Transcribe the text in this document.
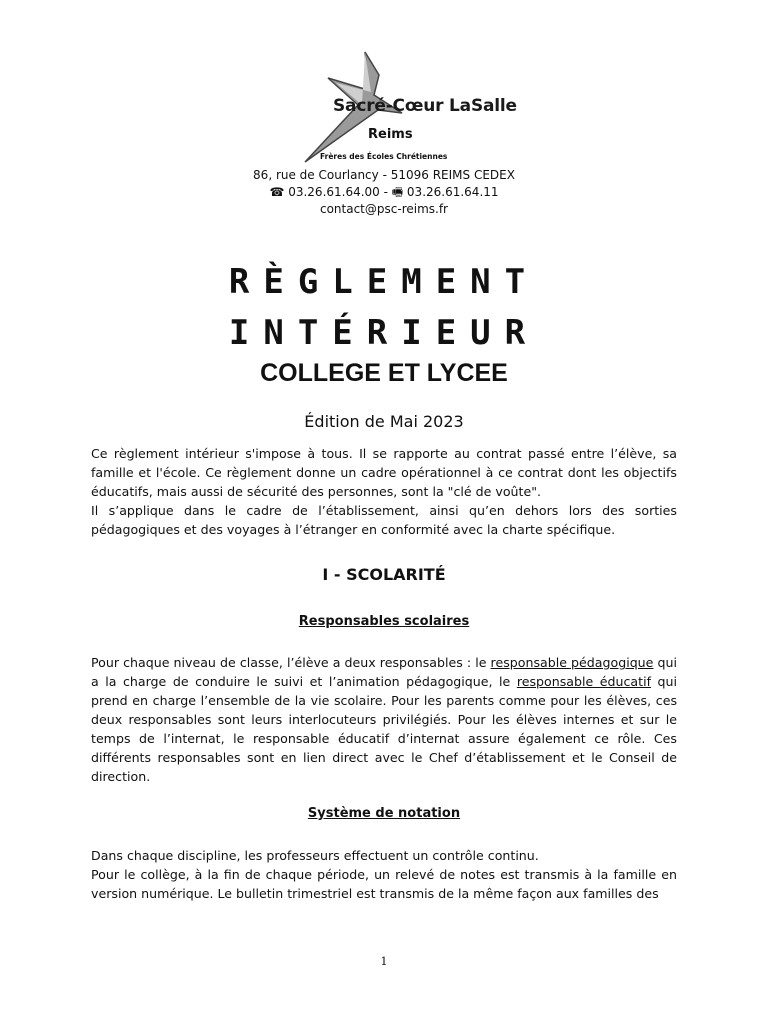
Sacré-Cœur LaSalle
Reims
Frères des Écoles Chrétiennes
86, rue de Courlancy - 51096 REIMS CEDEX
☎ 03.26.61.64.00 - 🖷 03.26.61.64.11
contact@psc-reims.fr
RÈGLEMENT
INTÉRIEUR
COLLEGE ET LYCEE
Édition de Mai 2023
Ce règlement intérieur s'impose à tous. Il se rapporte au contrat passé entre l’élève, sa famille et l'école. Ce règlement donne un cadre opérationnel à ce contrat dont les objectifs éducatifs, mais aussi de sécurité des personnes, sont la "clé de voûte".
Il s’applique dans le cadre de l’établissement, ainsi qu’en dehors lors des sorties pédagogiques et des voyages à l’étranger en conformité avec la charte spécifique.
I - SCOLARITÉ
Responsables scolaires
Pour chaque niveau de classe, l’élève a deux responsables : le responsable pédagogique qui a la charge de conduire le suivi et l’animation pédagogique, le responsable éducatif qui prend en charge l’ensemble de la vie scolaire. Pour les parents comme pour les élèves, ces deux responsables sont leurs interlocuteurs privilégiés. Pour les élèves internes et sur le temps de l’internat, le responsable éducatif d’internat assure également ce rôle. Ces différents responsables sont en lien direct avec le Chef d’établissement et le Conseil de direction.
Système de notation
Dans chaque discipline, les professeurs effectuent un contrôle continu.
Pour le collège, à la fin de chaque période, un relevé de notes est transmis à la famille en version numérique. Le bulletin trimestriel est transmis de la même façon aux familles des
1
